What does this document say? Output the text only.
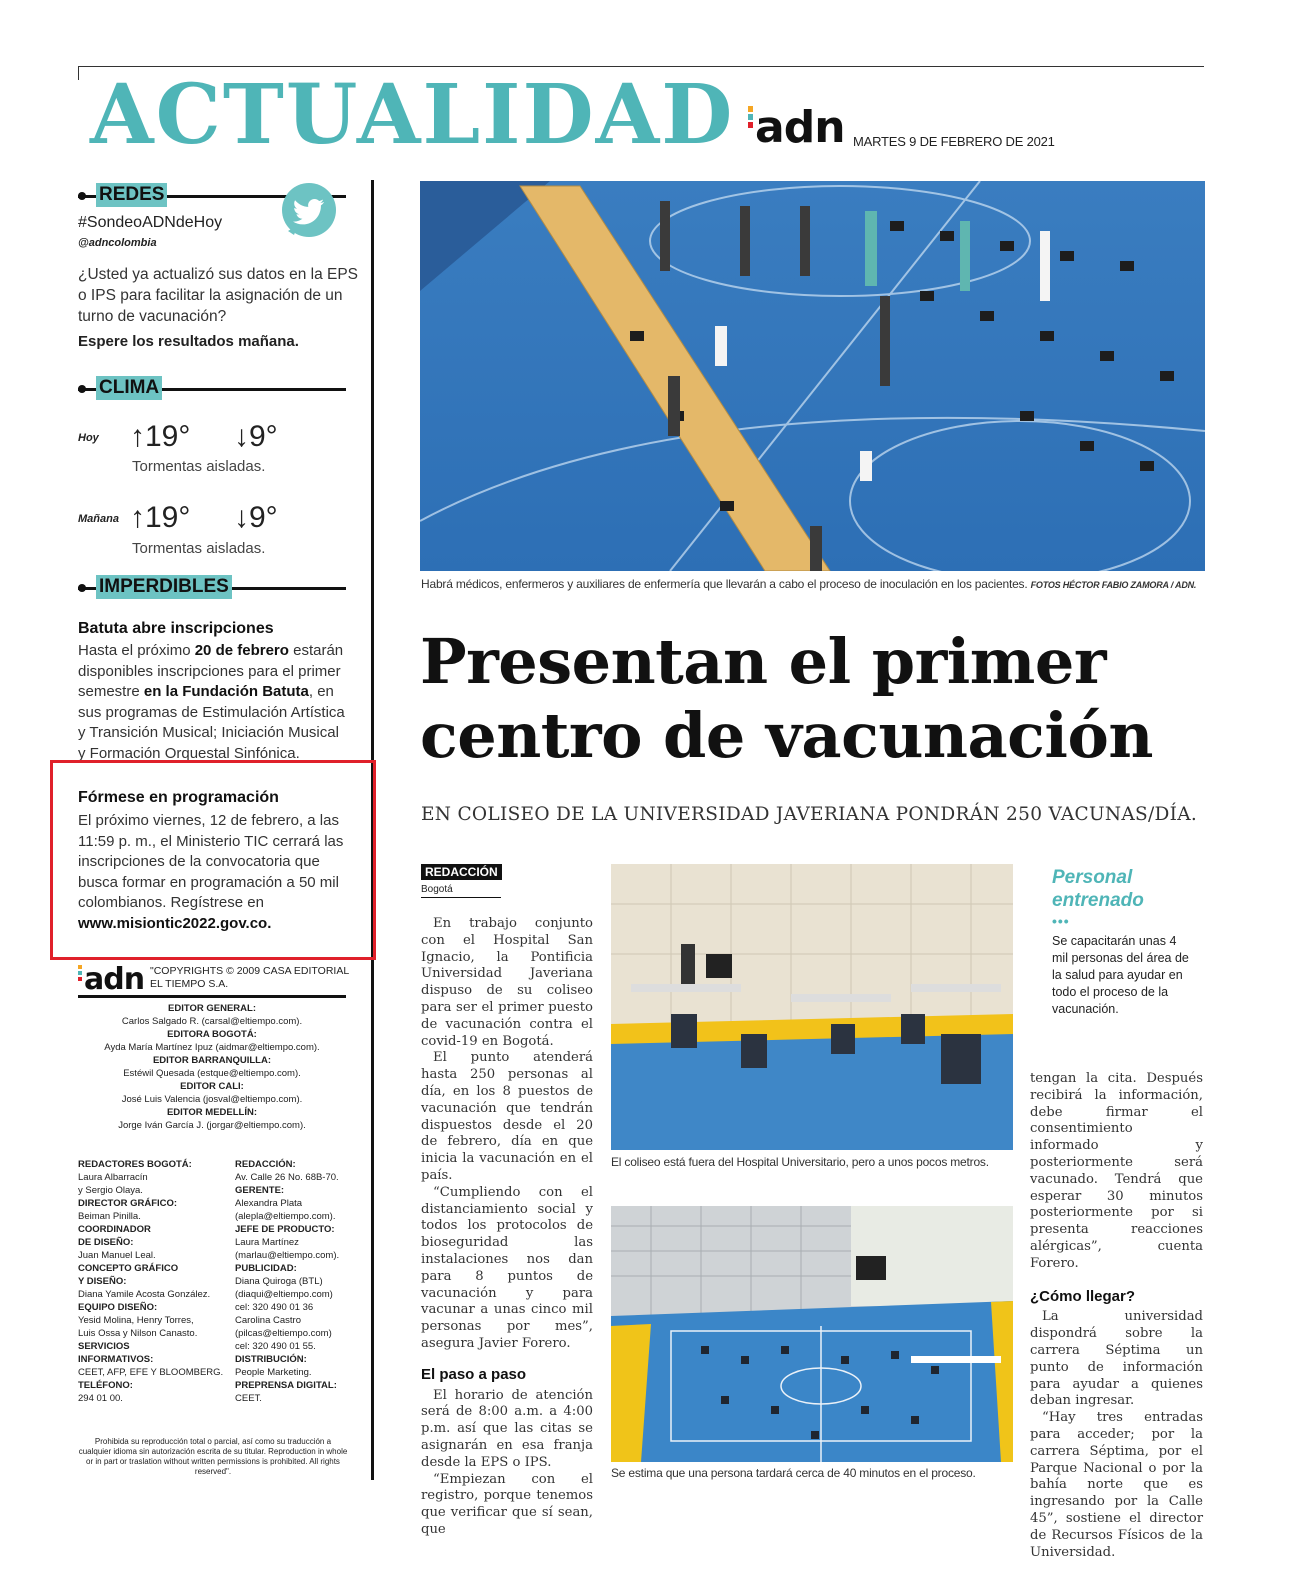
ACTUALIDAD adn MARTES 9 DE FEBRERO DE 2021
REDES
#SondeoADNdeHoy
@adncolombia
¿Usted ya actualizó sus datos en la EPS o IPS para facilitar la asignación de un turno de vacunación?
Espere los resultados mañana.
CLIMA
Hoy ↑19° ↓9°
Tormentas aisladas.
Mañana ↑19° ↓9°
Tormentas aisladas.
IMPERDIBLES
Batuta abre inscripciones
Hasta el próximo 20 de febrero estarán disponibles inscripciones para el primer semestre en la Fundación Batuta, en sus programas de Estimulación Artística y Transición Musical; Iniciación Musical y Formación Orquestal Sinfónica.
Fórmese en programación
El próximo viernes, 12 de febrero, a las 11:59 p. m., el Ministerio TIC cerrará las inscripciones de la convocatoria que busca formar en programación a 50 mil colombianos. Regístrese en www.misiontic2022.gov.co.
adn "COPYRIGHTS © 2009 CASA EDITORIAL EL TIEMPO S.A.
EDITOR GENERAL:
Carlos Salgado R. (carsal@eltiempo.com).
EDITORA BOGOTÁ:
Ayda María Martínez Ipuz (aidmar@eltiempo.com).
EDITOR BARRANQUILLA:
Estéwil Quesada (estque@eltiempo.com).
EDITOR CALI:
José Luis Valencia (josval@eltiempo.com).
EDITOR MEDELLÍN:
Jorge Iván García J. (jorgar@eltiempo.com).
REDACTORES BOGOTÁ:
Laura Albarracín
y Sergio Olaya.
DIRECTOR GRÁFICO:
Beiman Pinilla.
COORDINADOR
DE DISEÑO:
Juan Manuel Leal.
CONCEPTO GRÁFICO
Y DISEÑO:
Diana Yamile Acosta González.
EQUIPO DISEÑO:
Yesid Molina, Henry Torres,
Luis Ossa y Nilson Canasto.
SERVICIOS
INFORMATIVOS:
CEET, AFP, EFE Y BLOOMBERG.
TELÉFONO:
294 01 00.
REDACCIÓN:
Av. Calle 26 No. 68B-70.
GERENTE:
Alexandra Plata
(alepla@eltiempo.com).
JEFE DE PRODUCTO:
Laura Martínez
(marlau@eltiempo.com).
PUBLICIDAD:
Diana Quiroga (BTL)
(diaqui@eltiempo.com)
cel: 320 490 01 36
Carolina Castro
(pilcas@eltiempo.com)
cel: 320 490 01 55.
DISTRIBUCIÓN:
People Marketing.
PREPRENSA DIGITAL:
CEET.
Prohibida su reproducción total o parcial, así como su traducción a cualquier idioma sin autorización escrita de su titular. Reproduction in whole or in part or traslation without written permissions is prohibited. All rights reserved".
Habrá médicos, enfermeros y auxiliares de enfermería que llevarán a cabo el proceso de inoculación en los pacientes. FOTOS HÉCTOR FABIO ZAMORA / ADN.
Presentan el primer centro de vacunación
EN COLISEO DE LA UNIVERSIDAD JAVERIANA PONDRÁN 250 VACUNAS/DÍA.
REDACCIÓN
Bogotá

En trabajo conjunto con el Hospital San Ignacio, la Pontificia Universidad Javeriana dispuso de su coliseo para ser el primer puesto de vacunación contra el covid-19 en Bogotá.

El punto atenderá hasta 250 personas al día, en los 8 puestos de vacunación que tendrán dispuestos desde el 20 de febrero, día en que inicia la vacunación en el país.

“Cumpliendo con el distanciamiento social y todos los protocolos de bioseguridad las instalaciones nos dan para 8 puntos de vacunación y para vacunar a unas cinco mil personas por mes”, asegura Javier Forero.

El paso a paso

El horario de atención será de 8:00 a.m. a 4:00 p.m. así que las citas se asignarán en esa franja desde la EPS o IPS.

“Empiezan con el registro, porque tenemos que verificar que sí sean, que

El coliseo está fuera del Hospital Universitario, pero a unos pocos metros.
Se estima que una persona tardará cerca de 40 minutos en el proceso.
Personal entrenado
•••
Se capacitarán unas 4 mil personas del área de la salud para ayudar en todo el proceso de la vacunación.

tengan la cita. Después recibirá la información, debe firmar el consentimiento informado y posteriormente será vacunado. Tendrá que esperar 30 minutos posteriormente por si presenta reacciones alérgicas”, cuenta Forero.

¿Cómo llegar?

La universidad dispondrá sobre la carrera Séptima un punto de información para ayudar a quienes deban ingresar.

“Hay tres entradas para acceder; por la carrera Séptima, por el Parque Nacional o por la bahía norte que es ingresando por la Calle 45”, sostiene el director de Recursos Físicos de la Universidad.
